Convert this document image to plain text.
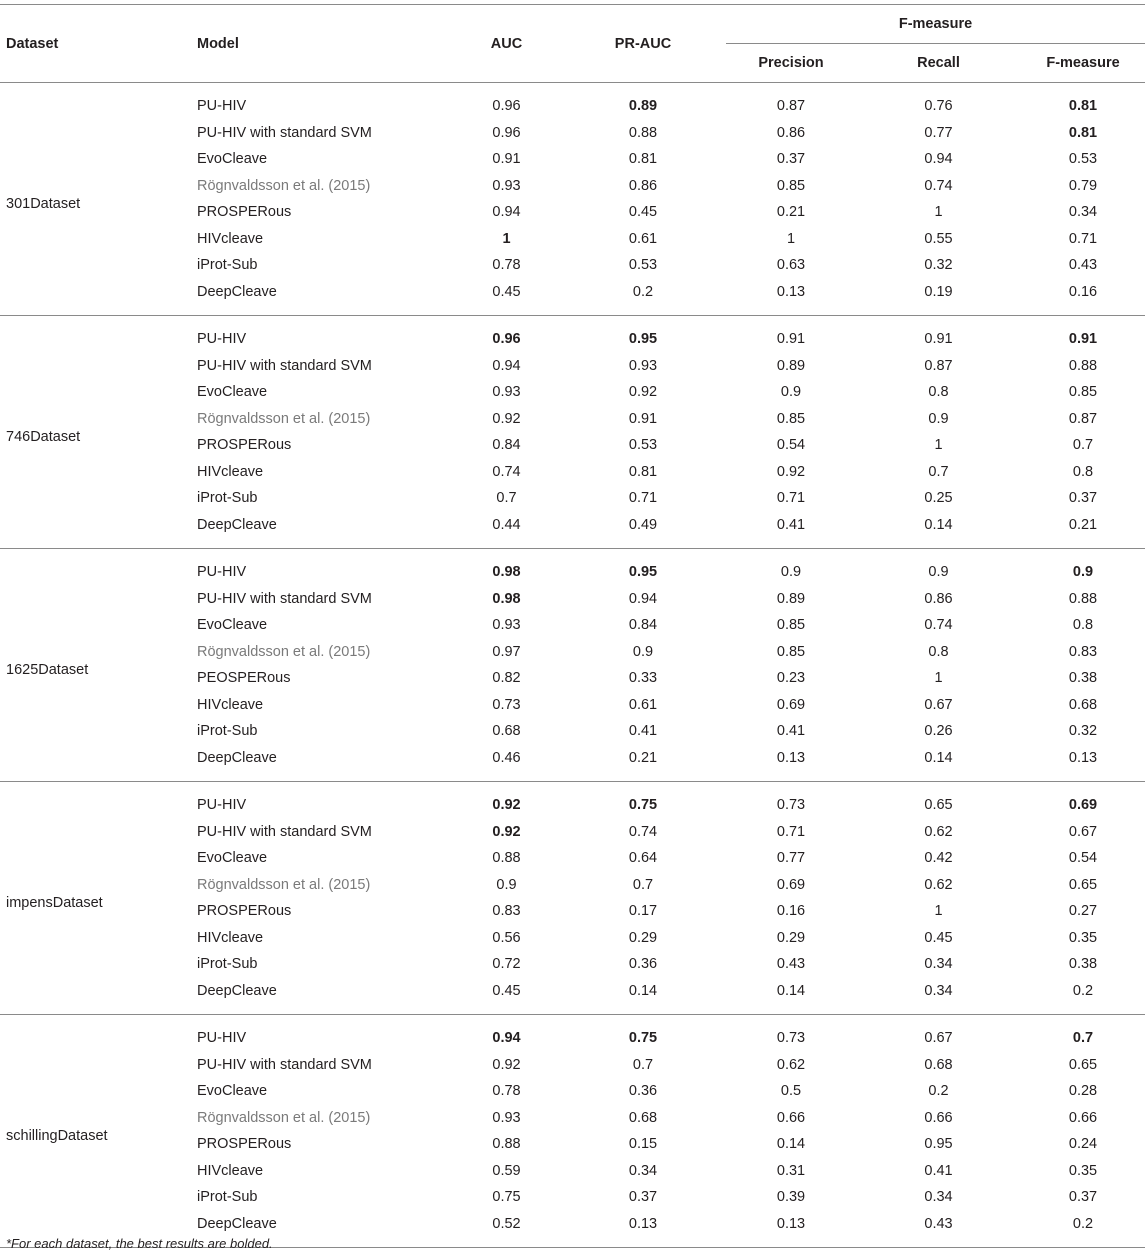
Dataset	Model	AUC	PR-AUC	F-measure		
				Precision	Recall	F-measure
301Dataset	PU-HIV	0.96	0.89	0.87	0.76	0.81
	PU-HIV with standard SVM	0.96	0.88	0.86	0.77	0.81
	EvoCleave	0.91	0.81	0.37	0.94	0.53
	Rögnvaldsson et al. (2015)	0.93	0.86	0.85	0.74	0.79
	PROSPERous	0.94	0.45	0.21	1	0.34
	HIVcleave	1	0.61	1	0.55	0.71
	iProt-Sub	0.78	0.53	0.63	0.32	0.43
	DeepCleave	0.45	0.2	0.13	0.19	0.16
746Dataset	PU-HIV	0.96	0.95	0.91	0.91	0.91
	PU-HIV with standard SVM	0.94	0.93	0.89	0.87	0.88
	EvoCleave	0.93	0.92	0.9	0.8	0.85
	Rögnvaldsson et al. (2015)	0.92	0.91	0.85	0.9	0.87
	PROSPERous	0.84	0.53	0.54	1	0.7
	HIVcleave	0.74	0.81	0.92	0.7	0.8
	iProt-Sub	0.7	0.71	0.71	0.25	0.37
	DeepCleave	0.44	0.49	0.41	0.14	0.21
1625Dataset	PU-HIV	0.98	0.95	0.9	0.9	0.9
	PU-HIV with standard SVM	0.98	0.94	0.89	0.86	0.88
	EvoCleave	0.93	0.84	0.85	0.74	0.8
	Rögnvaldsson et al. (2015)	0.97	0.9	0.85	0.8	0.83
	PEOSPERous	0.82	0.33	0.23	1	0.38
	HIVcleave	0.73	0.61	0.69	0.67	0.68
	iProt-Sub	0.68	0.41	0.41	0.26	0.32
	DeepCleave	0.46	0.21	0.13	0.14	0.13
impensDataset	PU-HIV	0.92	0.75	0.73	0.65	0.69
	PU-HIV with standard SVM	0.92	0.74	0.71	0.62	0.67
	EvoCleave	0.88	0.64	0.77	0.42	0.54
	Rögnvaldsson et al. (2015)	0.9	0.7	0.69	0.62	0.65
	PROSPERous	0.83	0.17	0.16	1	0.27
	HIVcleave	0.56	0.29	0.29	0.45	0.35
	iProt-Sub	0.72	0.36	0.43	0.34	0.38
	DeepCleave	0.45	0.14	0.14	0.34	0.2
schillingDataset	PU-HIV	0.94	0.75	0.73	0.67	0.7
	PU-HIV with standard SVM	0.92	0.7	0.62	0.68	0.65
	EvoCleave	0.78	0.36	0.5	0.2	0.28
	Rögnvaldsson et al. (2015)	0.93	0.68	0.66	0.66	0.66
	PROSPERous	0.88	0.15	0.14	0.95	0.24
	HIVcleave	0.59	0.34	0.31	0.41	0.35
	iProt-Sub	0.75	0.37	0.39	0.34	0.37
	DeepCleave	0.52	0.13	0.13	0.43	0.2
*For each dataset, the best results are bolded.
